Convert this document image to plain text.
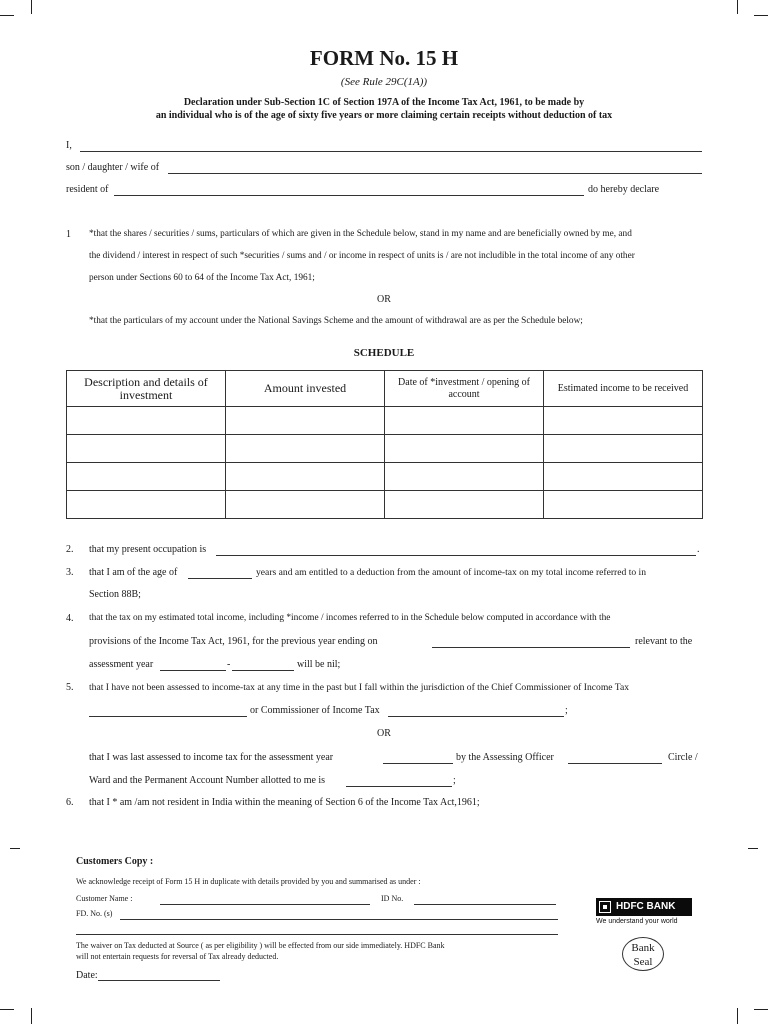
FORM No. 15 H
(See Rule 29C(1A))
Declaration under Sub-Section 1C of Section 197A of the Income Tax Act, 1961, to be made by
an individual who is of the age of sixty five years or more claiming certain receipts without deduction of tax
I,
son / daughter / wife of
resident of	do hereby declare
1 *that the shares / securities / sums, particulars of which are given in the Schedule below, stand in my name and are beneficially owned by me, and
the dividend / interest in respect of such *securities / sums and / or income in respect of units is / are not includible in the total income of any other
person under Sections 60 to 64 of the Income Tax Act, 1961;
OR
*that the particulars of my account under the National Savings Scheme and the amount of withdrawal are as per the Schedule below;
SCHEDULE
Description and details of investment	Amount invested	Date of *investment / opening of account	Estimated income to be received

2. that my present occupation is	.
3. that I am of the age of	years and am entitled to a deduction from the amount of income-tax on my total income referred to in
Section 88B;
4. that the tax on my estimated total income, including *income / incomes referred to in the Schedule below computed in accordance with the
provisions of the Income Tax Act, 1961, for the previous year ending on	relevant to the
assessment year	-	will be nil;
5. that I have not been assessed to income-tax at any time in the past but I fall within the jurisdiction of the Chief Commissioner of Income Tax
or Commissioner of Income Tax	;
OR
that I was last assessed to income tax for the assessment year	by the Assessing Officer	Circle /
Ward and the Permanent Account Number allotted to me is	;
6. that I * am /am not resident in India within the meaning of Section 6 of the Income Tax Act,1961;
Customers Copy :
We acknowledge receipt of Form 15 H in duplicate with details provided by you and summarised as under :
Customer Name :	ID No.
FD. No. (s)
The waiver on Tax deducted at Source ( as per eligibility ) will be effected from our side immediately. HDFC Bank
will not entertain requests for reversal of Tax already deducted.
Date:
HDFC BANK
We understand your world
Bank
Seal
